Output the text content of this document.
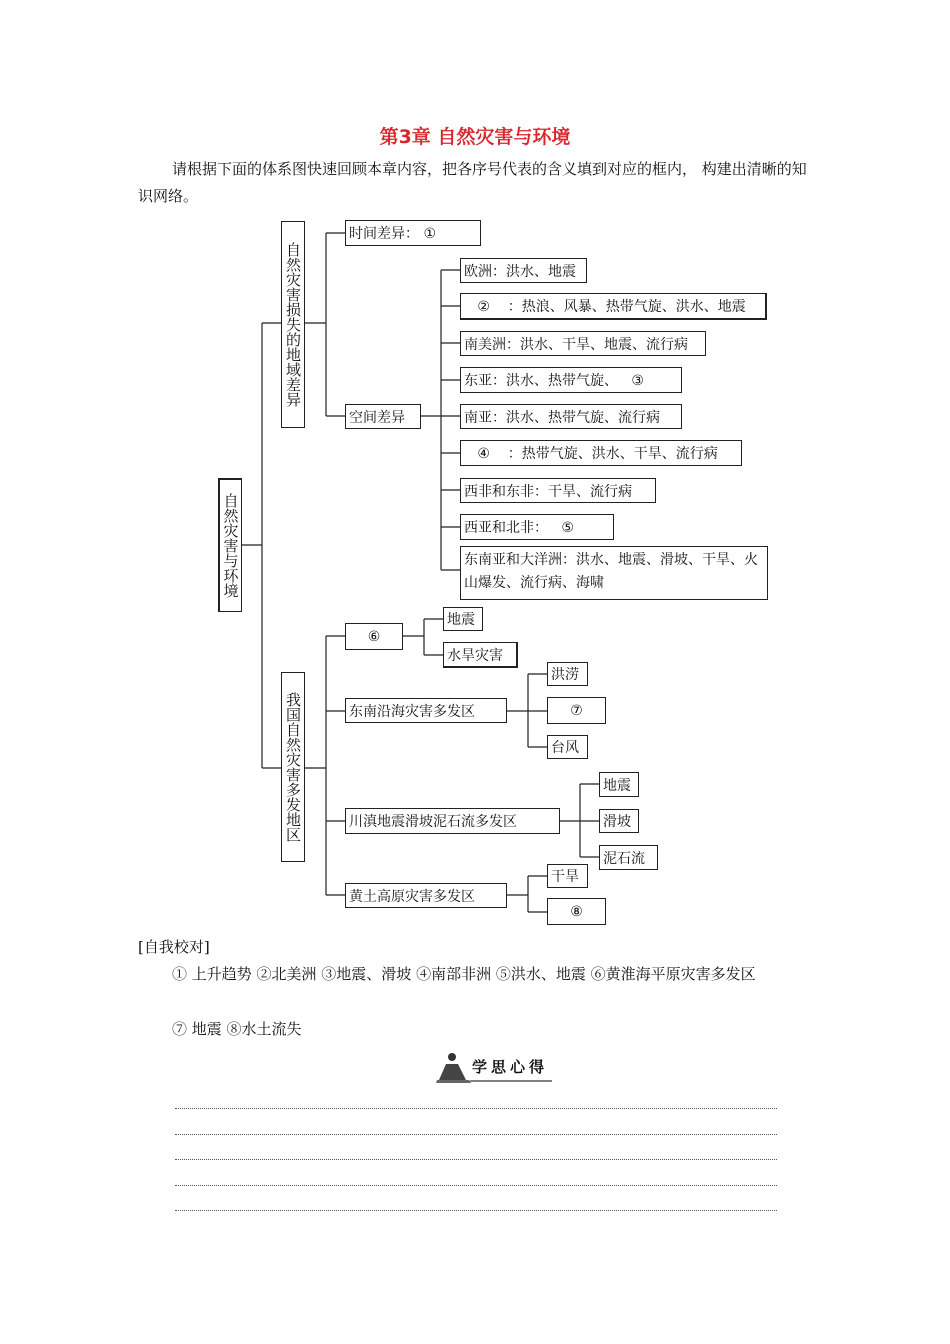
第3章 自然灾害与环境
请根据下面的体系图快速回顾本章内容，把各序号代表的含义填到对应的框内， 构建出清晰的知识网络。
自然灾害与环境
自然灾害损失的地域差异
我国自然灾害多发地区
时间差异： ①
空间差异
欧洲：洪水、地震
②    ：热浪、风暴、热带气旋、洪水、地震
南美洲：洪水、干旱、地震、流行病
东亚：洪水、热带气旋、   ③
南亚：洪水、热带气旋、流行病
④    ：热带气旋、洪水、干旱、流行病
西非和东非：干旱、流行病
西亚和北非：   ⑤
东南亚和大洋洲：洪水、地震、滑坡、干旱、火山爆发、流行病、海啸
⑥
地震
水旱灾害
东南沿海灾害多发区
洪涝
⑦
台风
川滇地震滑坡泥石流多发区
地震
滑坡
泥石流
黄土高原灾害多发区
干旱
⑧
[自我校对]
① 上升趋势 ②北美洲 ③地震、滑坡 ④南部非洲 ⑤洪水、地震 ⑥黄淮海平原灾害多发区
⑦ 地震 ⑧水土流失
学思心得
